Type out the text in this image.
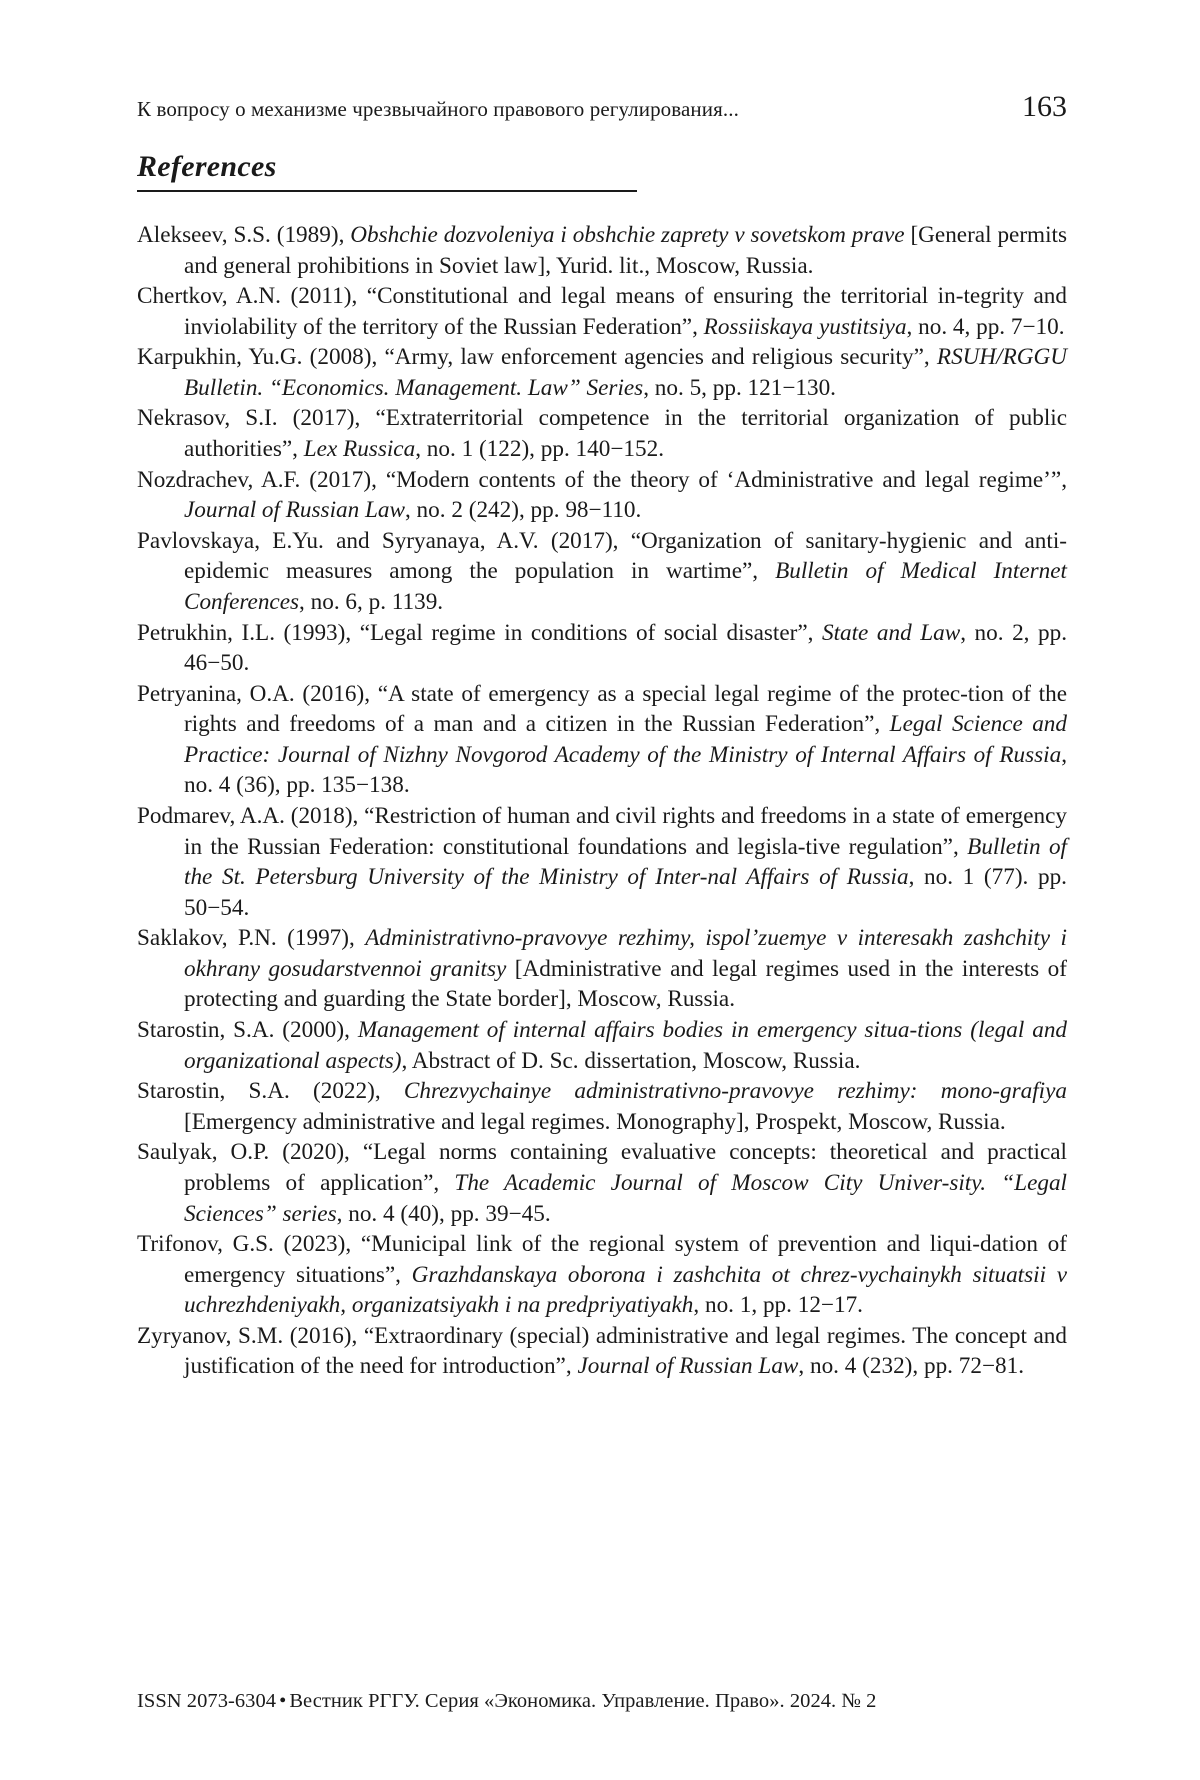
К вопросу о механизме чрезвычайного правового регулирования...	163
References
Alekseev, S.S. (1989), Obshchie dozvoleniya i obshchie zaprety v sovetskom prave [General permits and general prohibitions in Soviet law], Yurid. lit., Moscow, Russia.
Chertkov, A.N. (2011), “Constitutional and legal means of ensuring the territorial in-tegrity and inviolability of the territory of the Russian Federation”, Rossiiskaya yustitsiya, no. 4, pp. 7−10.
Karpukhin, Yu.G. (2008), “Army, law enforcement agencies and religious security”, RSUH/RGGU Bulletin. “Economics. Management. Law” Series, no. 5, pp. 121−130.
Nekrasov, S.I. (2017), “Extraterritorial competence in the territorial organization of public authorities”, Lex Russica, no. 1 (122), pp. 140−152.
Nozdrachev, A.F. (2017), “Modern contents of the theory of ‘Administrative and legal regime’”, Journal of Russian Law, no. 2 (242), pp. 98−110.
Pavlovskaya, E.Yu. and Syryanaya, A.V. (2017), “Organization of sanitary-hygienic and anti-epidemic measures among the population in wartime”, Bulletin of Medical Internet Conferences, no. 6, p. 1139.
Petrukhin, I.L. (1993), “Legal regime in conditions of social disaster”, State and Law, no. 2, pp. 46−50.
Petryanina, O.A. (2016), “A state of emergency as a special legal regime of the protec-tion of the rights and freedoms of a man and a citizen in the Russian Federation”, Legal Science and Practice: Journal of Nizhny Novgorod Academy of the Ministry of Internal Affairs of Russia, no. 4 (36), pp. 135−138.
Podmarev, A.A. (2018), “Restriction of human and civil rights and freedoms in a state of emergency in the Russian Federation: constitutional foundations and legisla-tive regulation”, Bulletin of the St. Petersburg University of the Ministry of Inter-nal Affairs of Russia, no. 1 (77). pp. 50−54.
Saklakov, P.N. (1997), Administrativno-pravovye rezhimy, ispol’zuemye v interesakh zashchity i okhrany gosudarstvennoi granitsy [Administrative and legal regimes used in the interests of protecting and guarding the State border], Moscow, Russia.
Starostin, S.A. (2000), Management of internal affairs bodies in emergency situa-tions (legal and organizational aspects), Abstract of D. Sc. dissertation, Moscow, Russia.
Starostin, S.A. (2022), Chrezvychainye administrativno-pravovye rezhimy: mono-grafiya [Emergency administrative and legal regimes. Monography], Prospekt, Moscow, Russia.
Saulyak, O.P. (2020), “Legal norms containing evaluative concepts: theoretical and practical problems of application”, The Academic Journal of Moscow City Univer-sity. “Legal Sciences” series, no. 4 (40), pp. 39−45.
Trifonov, G.S. (2023), “Municipal link of the regional system of prevention and liqui-dation of emergency situations”, Grazhdanskaya oborona i zashchita ot chrez-vychainykh situatsii v uchrezhdeniyakh, organizatsiyakh i na predpriyatiyakh, no. 1, pp. 12−17.
Zyryanov, S.M. (2016), “Extraordinary (special) administrative and legal regimes. The concept and justification of the need for introduction”, Journal of Russian Law, no. 4 (232), pp. 72−81.
ISSN 2073-6304 • Вестник РГГУ. Серия «Экономика. Управление. Право». 2024. № 2
